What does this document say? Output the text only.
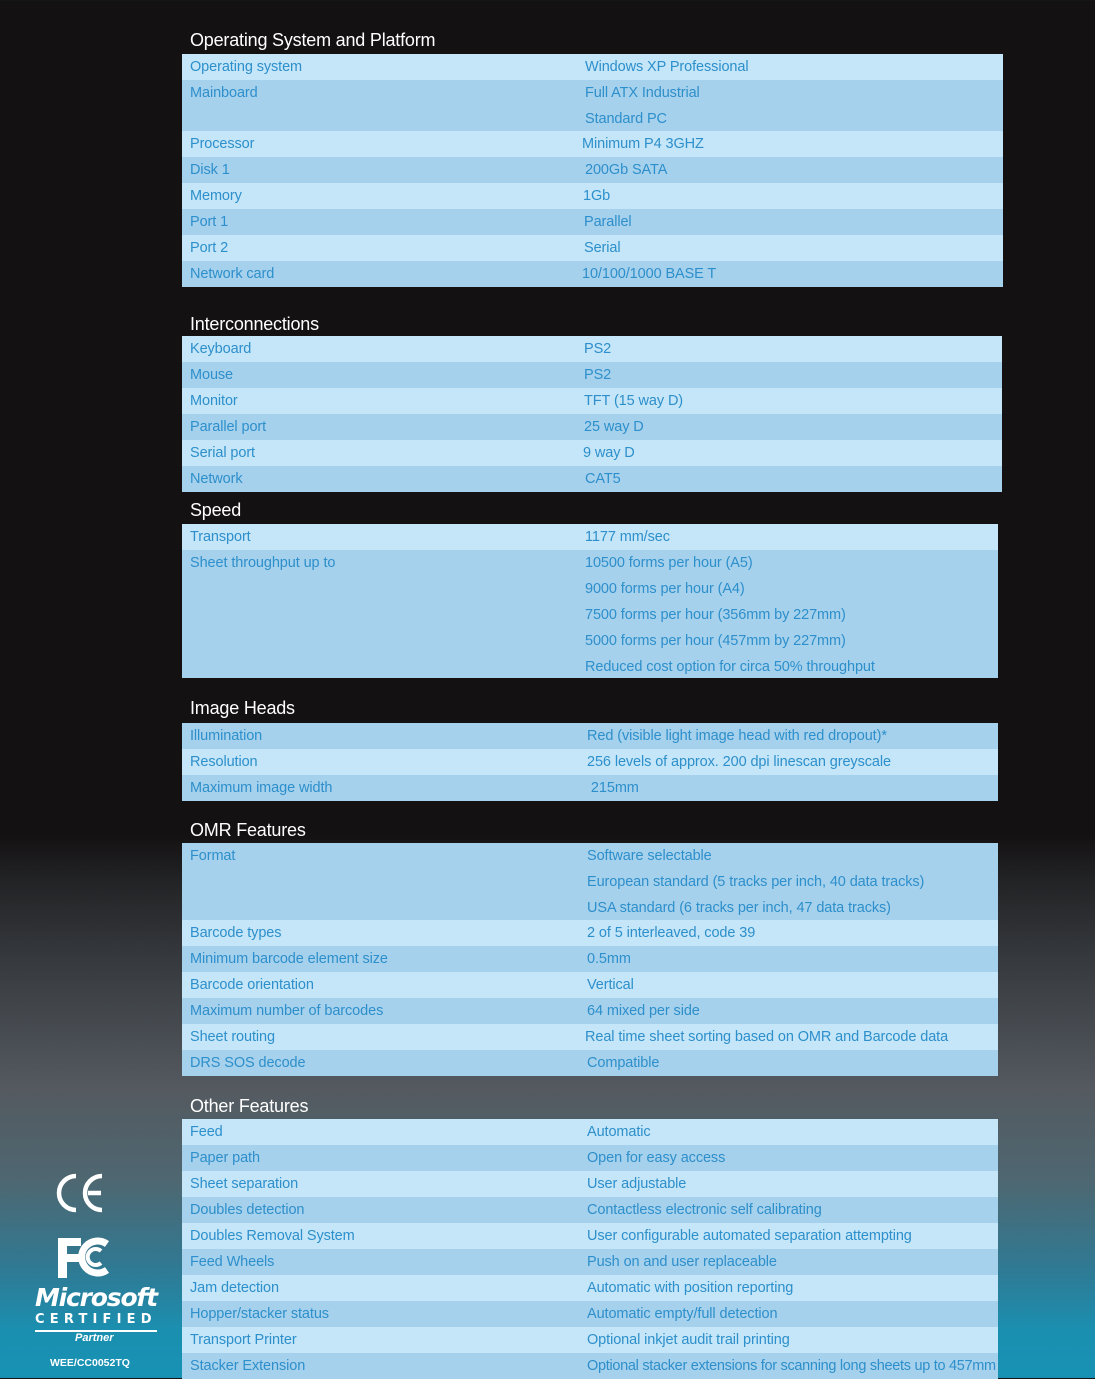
Operating System and Platform
Operating system	Windows XP Professional
Mainboard	Full ATX Industrial
Standard PC
Processor	Minimum P4 3GHZ
Disk 1	200Gb SATA
Memory	1Gb
Port 1	Parallel
Port 2	Serial
Network card	10/100/1000 BASE T
Interconnections
Keyboard	PS2
Mouse	PS2
Monitor	TFT (15 way D)
Parallel port	25 way D
Serial port	9 way D
Network	CAT5
Speed
Transport	1177 mm/sec
Sheet throughput up to	10500 forms per hour (A5)
9000 forms per hour (A4)
7500 forms per hour (356mm by 227mm)
5000 forms per hour (457mm by 227mm)
Reduced cost option for circa 50% throughput
Image Heads
Illumination	Red (visible light image head with red dropout)*
Resolution	256 levels of approx. 200 dpi linescan greyscale
Maximum image width	215mm
OMR Features
Format	Software selectable
European standard (5 tracks per inch, 40 data tracks)
USA standard (6 tracks per inch, 47 data tracks)
Barcode types	2 of 5 interleaved, code 39
Minimum barcode element size	0.5mm
Barcode orientation	Vertical
Maximum number of barcodes	64 mixed per side
Sheet routing	Real time sheet sorting based on OMR and Barcode data
DRS SOS decode	Compatible
Other Features
Feed	Automatic
Paper path	Open for easy access
Sheet separation	User adjustable
Doubles detection	Contactless electronic self calibrating
Doubles Removal System	User configurable automated separation attempting
Feed Wheels	Push on and user replaceable
Jam detection	Automatic with position reporting
Hopper/stacker status	Automatic empty/full detection
Transport Printer	Optional inkjet audit trail printing
Stacker Extension	Optional stacker extensions for scanning long sheets up to 457mm
Microsoft
CERTIFIED
Partner
WEE/CC0052TQ
